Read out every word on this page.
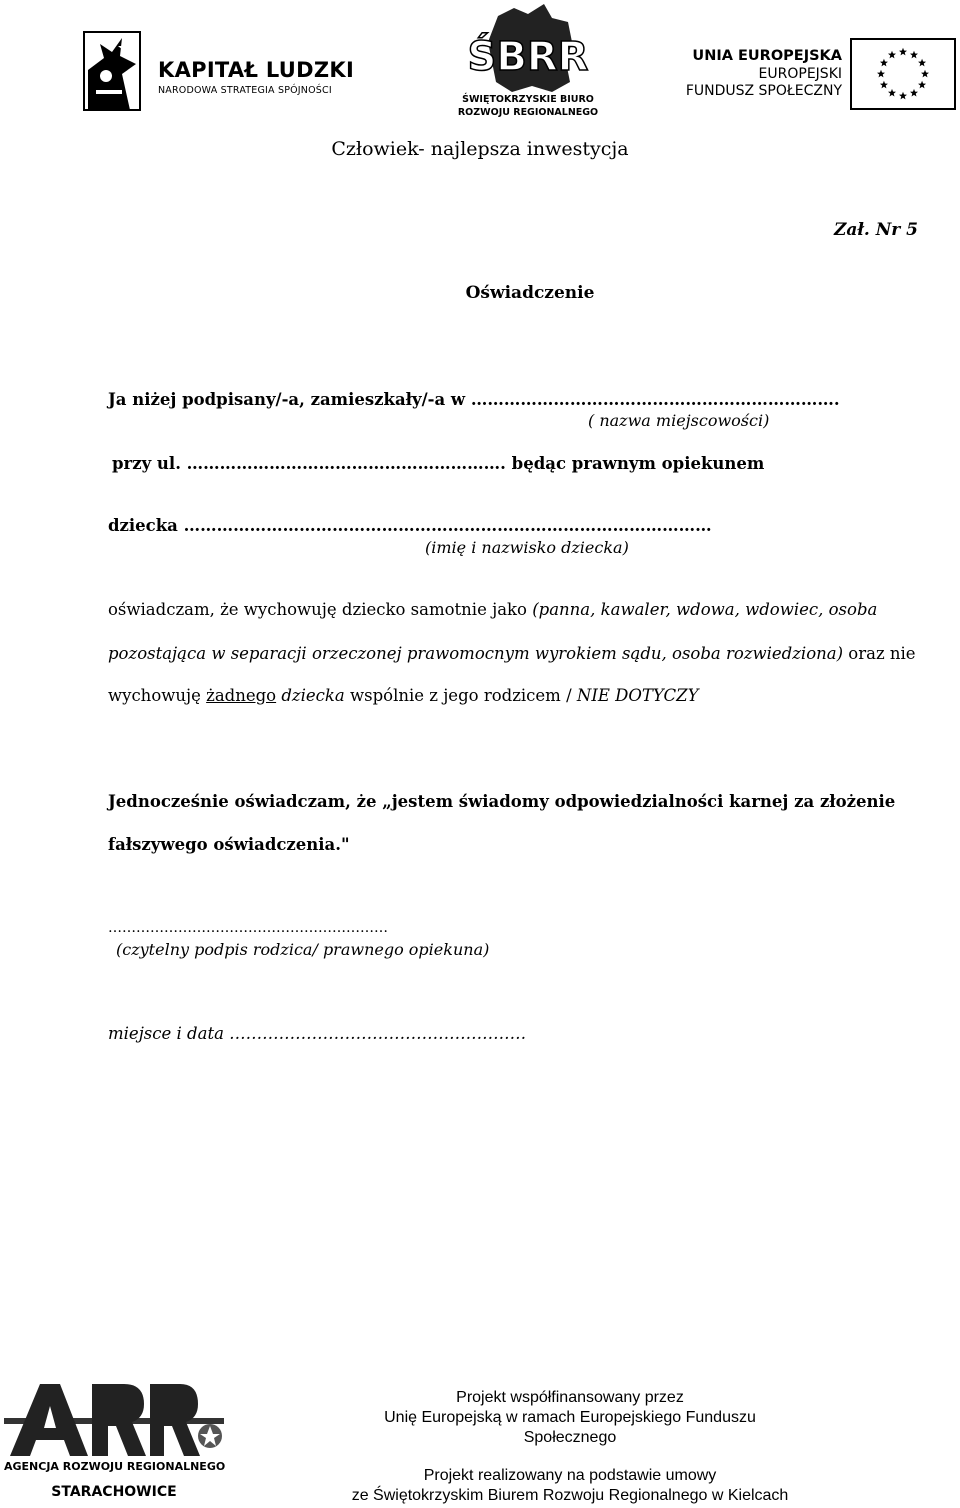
KAPITAŁ LUDZKI
NARODOWA STRATEGIA SPÓJNOŚCI
ŚBRR
ŚWIĘTOKRZYSKIE BIURO
ROZWOJU REGIONALNEGO
UNIA EUROPEJSKA
EUROPEJSKI
FUNDUSZ SPOŁECZNY
Człowiek- najlepsza inwestycja
Zał. Nr 5
Oświadczenie
Ja niżej podpisany/-a, zamieszkały/-a w ………………………………………………………….
( nazwa miejscowości)
przy ul. …………………………………………………. będąc prawnym opiekunem
dziecka ……………………………………………………………………………………
(imię i nazwisko dziecka)
oświadczam, że wychowuję dziecko samotnie jako (panna, kawaler, wdowa, wdowiec, osoba
pozostająca w separacji orzeczonej prawomocnym wyrokiem sądu, osoba rozwiedziona) oraz nie
wychowuję żadnego dziecka wspólnie z jego rodzicem / NIE DOTYCZY
Jednocześnie oświadczam, że „jestem świadomy odpowiedzialności karnej za złożenie
fałszywego oświadczenia."
……………………………………………………
(czytelny podpis rodzica/ prawnego opiekuna)
miejsce i data ………………………………………………
AGENCJA ROZWOJU REGIONALNEGO
STARACHOWICE
Projekt współfinansowany przez
Unię Europejską w ramach Europejskiego Funduszu
Społecznego
Projekt realizowany na podstawie umowy
ze Świętokrzyskim Biurem Rozwoju Regionalnego w Kielcach
